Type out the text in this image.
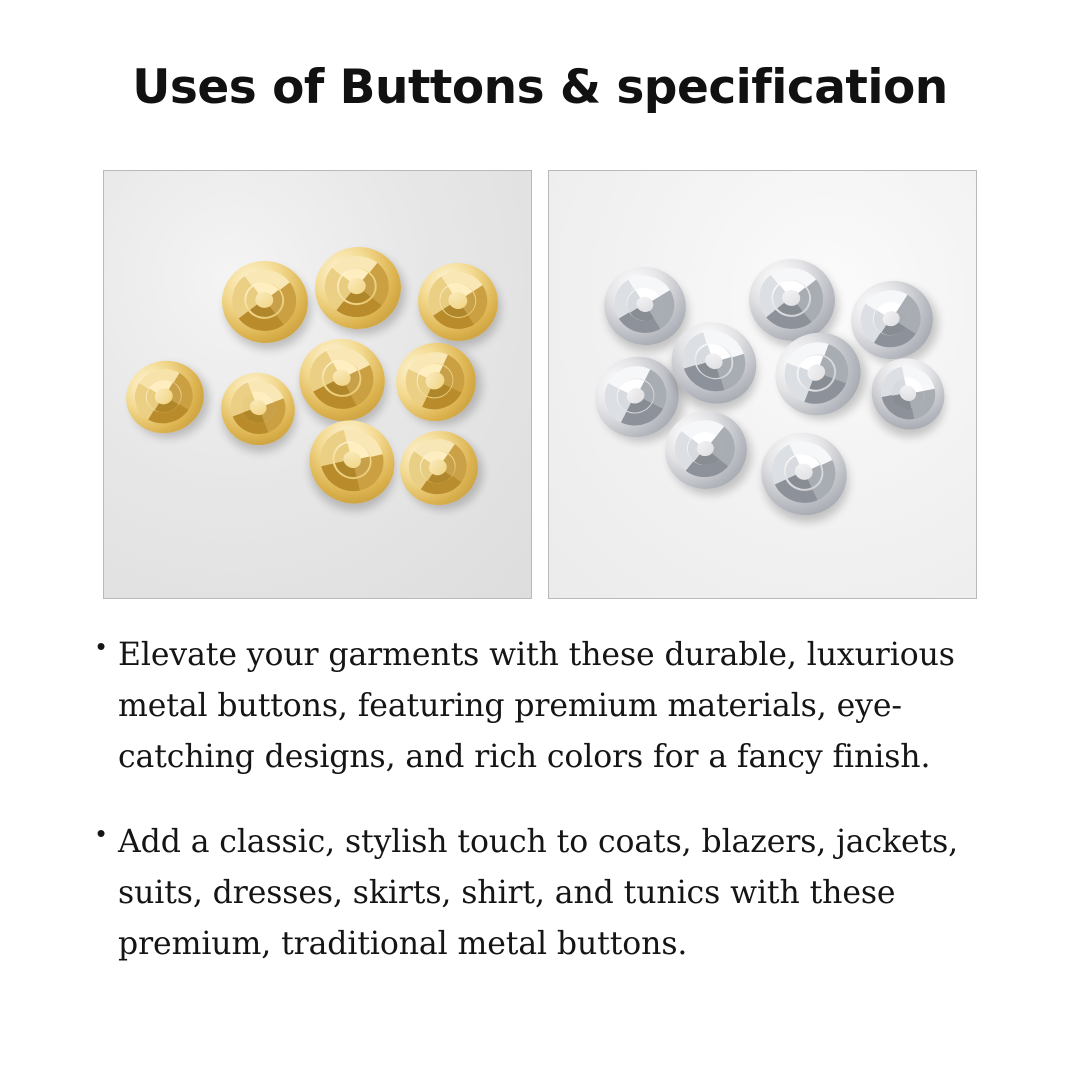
Uses of Buttons & specification
• Elevate your garments with these durable, luxurious metal buttons, featuring premium materials, eye-catching designs, and rich colors for a fancy finish.
• Add a classic, stylish touch to coats, blazers, jackets, suits, dresses, skirts, shirt, and tunics with these premium, traditional metal buttons.
